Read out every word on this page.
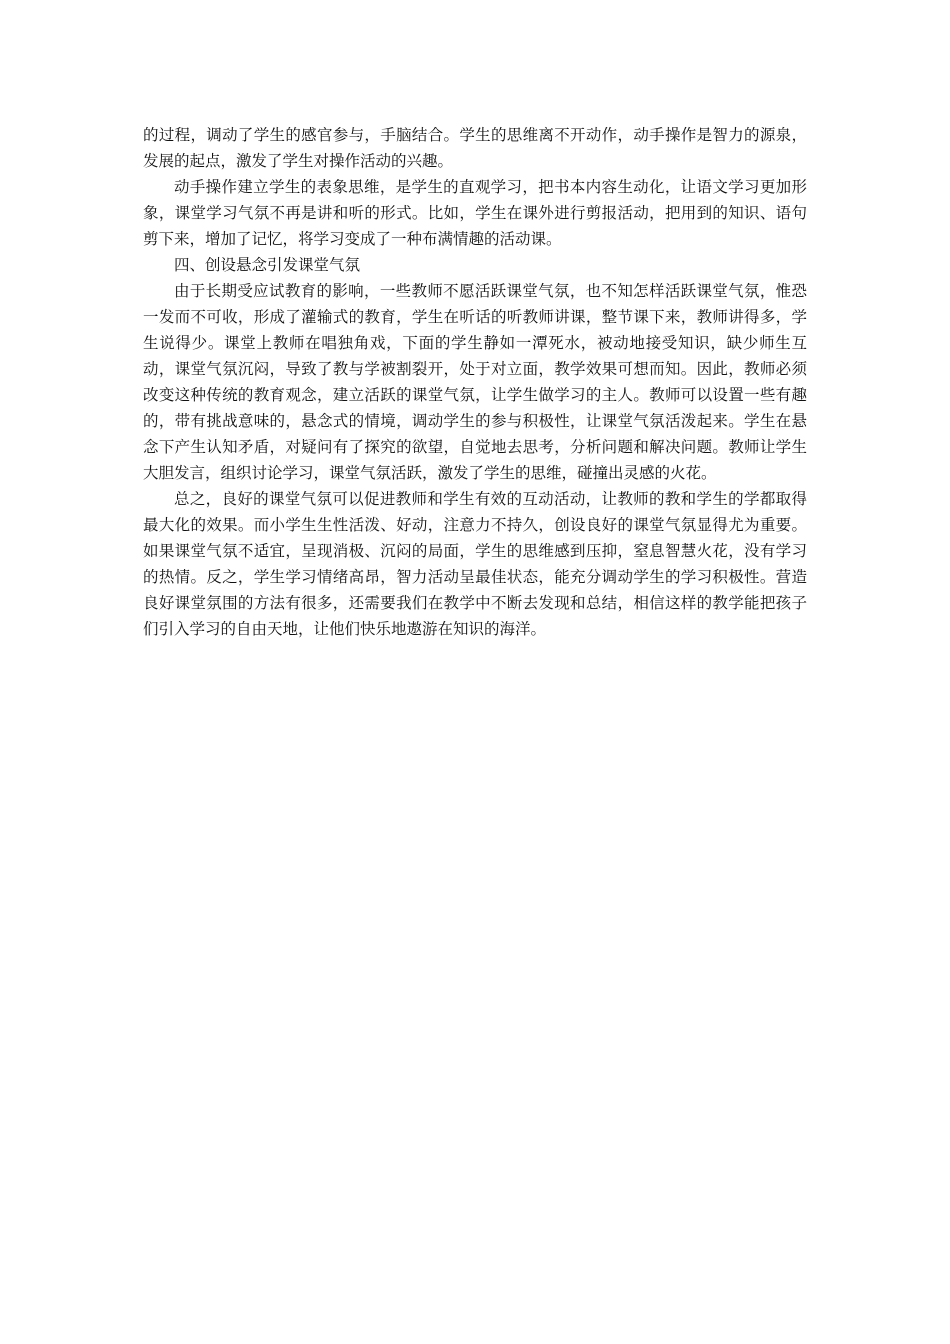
的过程，调动了学生的感官参与，手脑结合。学生的思维离不开动作，动手操作是智力的源泉，发展的起点，激发了学生对操作活动的兴趣。

动手操作建立学生的表象思维，是学生的直观学习，把书本内容生动化，让语文学习更加形象，课堂学习气氛不再是讲和听的形式。比如，学生在课外进行剪报活动，把用到的知识、语句剪下来，增加了记忆，将学习变成了一种布满情趣的活动课。

四、创设悬念引发课堂气氛

由于长期受应试教育的影响，一些教师不愿活跃课堂气氛，也不知怎样活跃课堂气氛，惟恐一发而不可收，形成了灌输式的教育，学生在听话的听教师讲课，整节课下来，教师讲得多，学生说得少。课堂上教师在唱独角戏，下面的学生静如一潭死水，被动地接受知识，缺少师生互动，课堂气氛沉闷，导致了教与学被割裂开，处于对立面，教学效果可想而知。因此，教师必须改变这种传统的教育观念，建立活跃的课堂气氛，让学生做学习的主人。教师可以设置一些有趣的，带有挑战意味的，悬念式的情境，调动学生的参与积极性，让课堂气氛活泼起来。学生在悬念下产生认知矛盾，对疑问有了探究的欲望，自觉地去思考，分析问题和解决问题。教师让学生大胆发言，组织讨论学习，课堂气氛活跃，激发了学生的思维，碰撞出灵感的火花。

总之，良好的课堂气氛可以促进教师和学生有效的互动活动，让教师的教和学生的学都取得最大化的效果。而小学生生性活泼、好动，注意力不持久，创设良好的课堂气氛显得尤为重要。如果课堂气氛不适宜，呈现消极、沉闷的局面，学生的思维感到压抑，窒息智慧火花，没有学习的热情。反之，学生学习情绪高昂，智力活动呈最佳状态，能充分调动学生的学习积极性。营造良好课堂氛围的方法有很多，还需要我们在教学中不断去发现和总结，相信这样的教学能把孩子们引入学习的自由天地，让他们快乐地遨游在知识的海洋。
